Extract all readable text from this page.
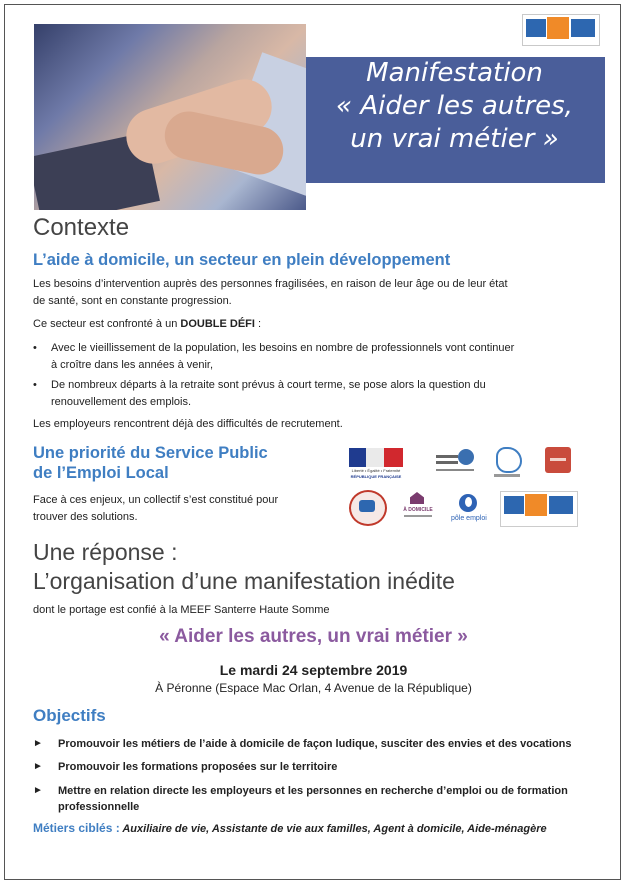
Manifestation
« Aider les autres,
un vrai métier »
Contexte
L’aide à domicile, un secteur en plein développement
Les besoins d’intervention auprès des personnes fragilisées, en raison de leur âge ou de leur état
de santé, sont en constante progression.
Ce secteur est confronté à un DOUBLE DÉFI :
• Avec le vieillissement de la population, les besoins en nombre de professionnels vont continuer
à croître dans les années à venir,
• De nombreux départs à la retraite sont prévus à court terme, se pose alors la question du
renouvellement des emplois.
Les employeurs rencontrent déjà des difficultés de recrutement.
Une priorité du Service Public
de l’Emploi Local
Face à ces enjeux, un collectif s’est constitué pour
trouver des solutions.
Liberté • Égalité • Fraternité
RÉPUBLIQUE FRANÇAISE
À DOMICILE
pôle emploi
Une réponse :
L’organisation d’une manifestation inédite
dont le portage est confié à la MEEF Santerre Haute Somme
« Aider les autres, un vrai métier »
Le mardi 24 septembre 2019
À Péronne (Espace Mac Orlan, 4 Avenue de la République)
Objectifs
► Promouvoir les métiers de l’aide à domicile de façon ludique, susciter des envies et des vocations
► Promouvoir les formations proposées sur le territoire
► Mettre en relation directe les employeurs et les personnes en recherche d’emploi ou de formation
professionnelle
Métiers ciblés : Auxiliaire de vie, Assistante de vie aux familles, Agent à domicile, Aide-ménagère
